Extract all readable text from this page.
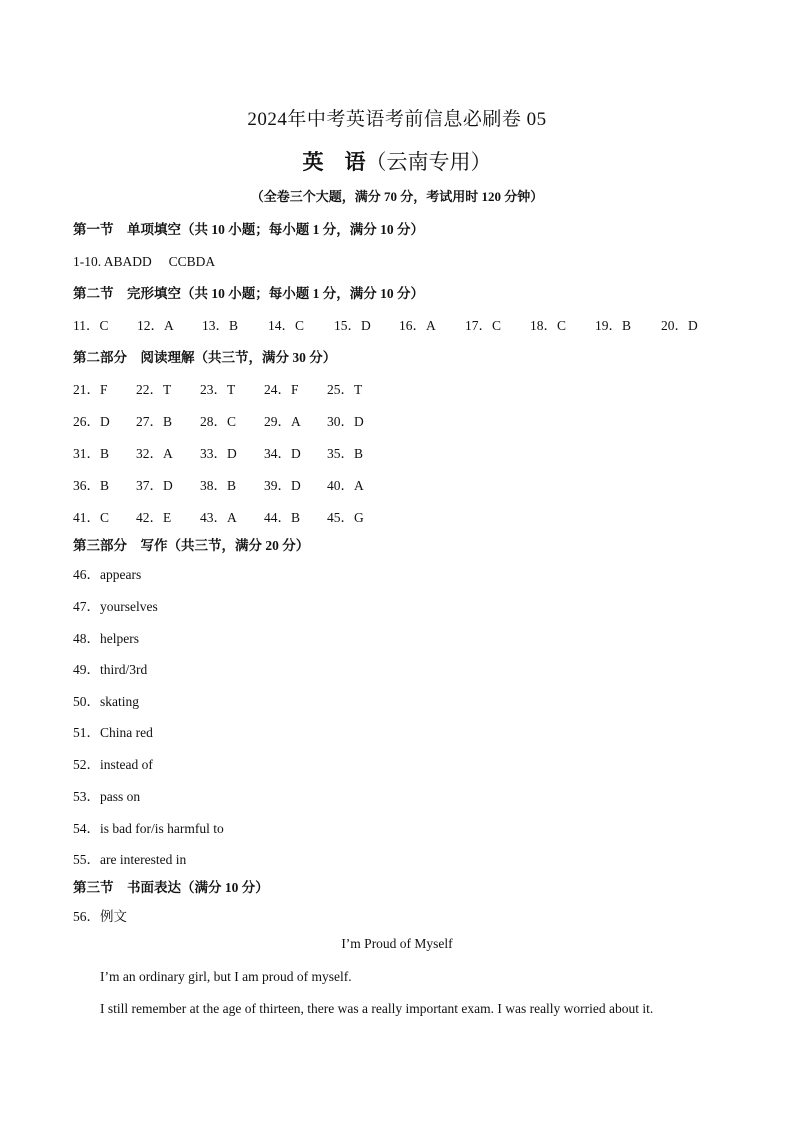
2024年中考英语考前信息必刷卷 05
英　语（云南专用）
（全卷三个大题，满分 70 分，考试用时 120 分钟）
第一节　单项填空（共 10 小题；每小题 1 分，满分 10 分）
1-10. ABADD　 CCBDA
第二节　完形填空（共 10 小题；每小题 1 分，满分 10 分）
11．C 12．A 13．B 14．C 15．D 16．A 17．C 18．C 19．B 20．D
第二部分　阅读理解（共三节，满分 30 分）
21．F 22．T 23．T 24．F 25．T
26．D 27．B 28．C 29．A 30．D
31．B 32．A 33．D 34．D 35．B
36．B 37．D 38．B 39．D 40．A
41．C 42．E 43．A 44．B 45．G
第三部分　写作（共三节，满分 20 分）
46．appears
47．yourselves
48．helpers
49．third/3rd
50．skating
51．China red
52．instead of
53．pass on
54．is bad for/is harmful to
55．are interested in
第三节　书面表达（满分 10 分）
56．例文
I’m Proud of Myself
I’m an ordinary girl, but I am proud of myself.
I still remember at the age of thirteen, there was a really important exam. I was really worried about it.
